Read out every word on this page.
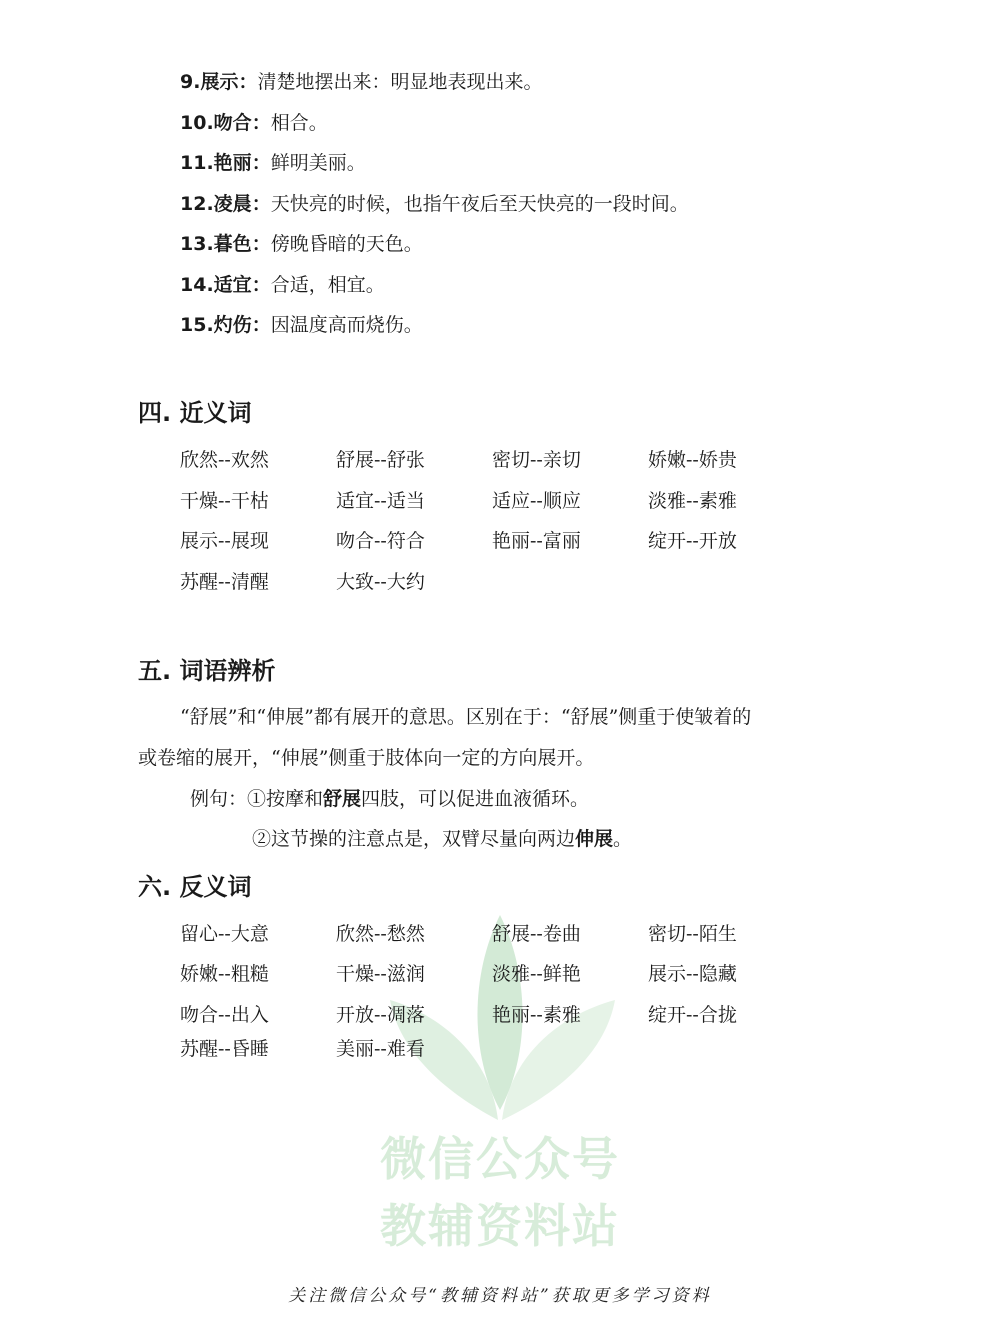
微信公众号
教辅资料站
9.展示：清楚地摆出来：明显地表现出来。
10.吻合：相合。
11.艳丽：鲜明美丽。
12.凌晨：天快亮的时候，也指午夜后至天快亮的一段时间。
13.暮色：傍晚昏暗的天色。
14.适宜：合适，相宜。
15.灼伤：因温度高而烧伤。
四. 近义词
欣然--欢然	舒展--舒张	密切--亲切	娇嫩--娇贵
干燥--干枯	适宜--适当	适应--顺应	淡雅--素雅
展示--展现	吻合--符合	艳丽--富丽	绽开--开放
苏醒--清醒	大致--大约
五. 词语辨析
“舒展”和“伸展”都有展开的意思。区别在于：“舒展”侧重于使皱着的
或卷缩的展开，“伸展”侧重于肢体向一定的方向展开。
例句：①按摩和舒展四肢，可以促进血液循环。
②这节操的注意点是，双臂尽量向两边伸展。
六. 反义词
留心--大意	欣然--愁然	舒展--卷曲	密切--陌生
娇嫩--粗糙	干燥--滋润	淡雅--鲜艳	展示--隐藏
吻合--出入	开放--凋落	艳丽--素雅	绽开--合拢
苏醒--昏睡	美丽--难看
关注微信公众号“教辅资料站”获取更多学习资料
